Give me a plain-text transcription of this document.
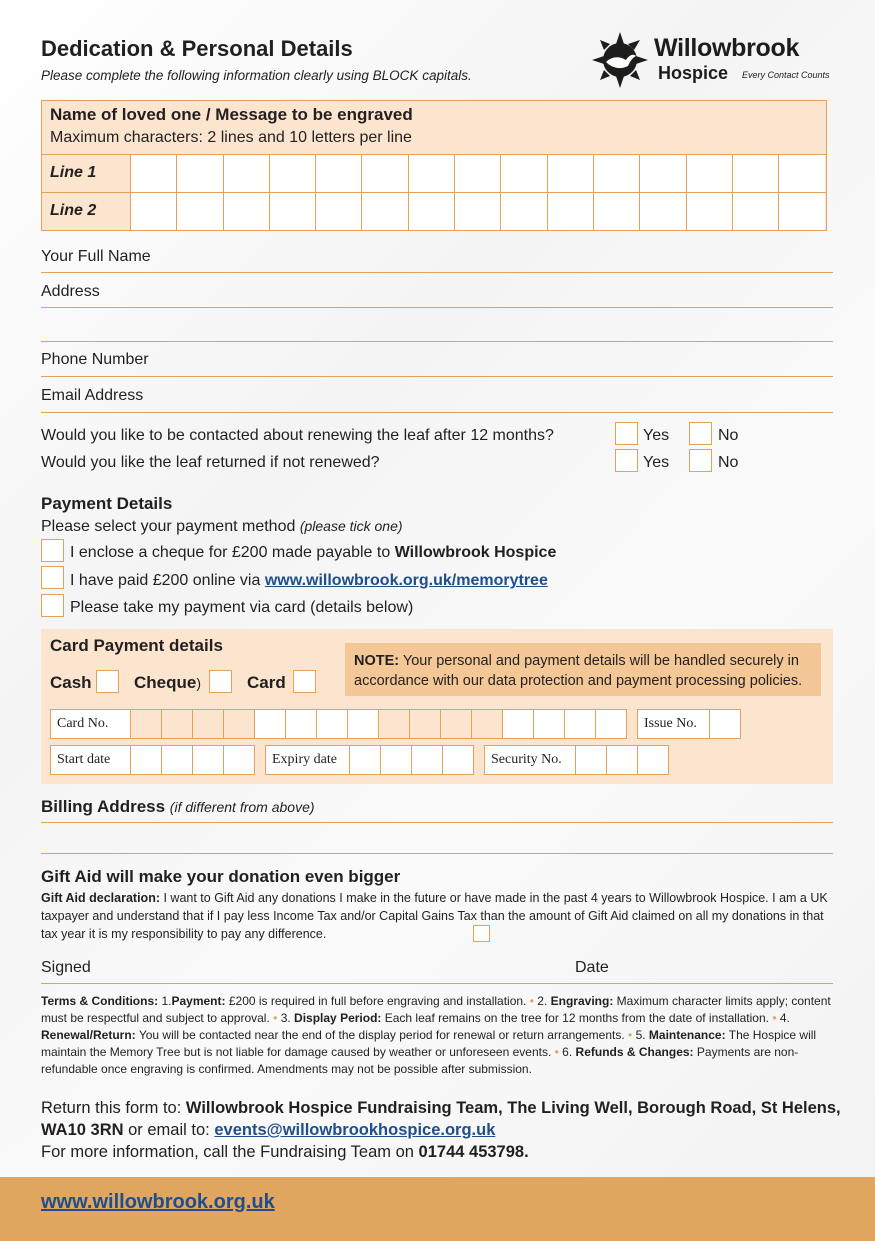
Dedication & Personal Details
Please complete the following information clearly using BLOCK capitals.
Willowbrook
Hospice Every Contact Counts
Name of loved one / Message to be engraved
Maximum characters: 2 lines and 10 letters per line
Line 1
Line 2
Your Full Name
Address
Phone Number
Email Address
Would you like to be contacted about renewing the leaf after 12 months?	Yes	No
Would you like the leaf returned if not renewed?	Yes	No
Payment Details
Please select your payment method (please tick one)
I enclose a cheque for £200 made payable to Willowbrook Hospice
I have paid £200 online via www.willowbrook.org.uk/memorytree
Please take my payment via card (details below)
Card Payment details
Cash Cheque)	Card
NOTE: Your personal and payment details will be handled securely in accordance with our data protection and payment processing policies.
Card No.	Issue No.
Start date	Expiry date	Security No.
Billing Address (if different from above)
Gift Aid will make your donation even bigger
Gift Aid declaration: I want to Gift Aid any donations I make in the future or have made in the past 4 years to Willowbrook Hospice. I am a UK taxpayer and understand that if I pay less Income Tax and/or Capital Gains Tax than the amount of Gift Aid claimed on all my donations in that tax year it is my responsibility to pay any difference.
Signed	Date
Terms & Conditions: 1.Payment: £200 is required in full before engraving and installation. • 2. Engraving: Maximum character limits apply; content must be respectful and subject to approval. • 3. Display Period: Each leaf remains on the tree for 12 months from the date of installation. • 4. Renewal/Return: You will be contacted near the end of the display period for renewal or return arrangements. • 5. Maintenance: The Hospice will maintain the Memory Tree but is not liable for damage caused by weather or unforeseen events. • 6. Refunds & Changes: Payments are non-refundable once engraving is confirmed. Amendments may not be possible after submission.
Return this form to: Willowbrook Hospice Fundraising Team, The Living Well, Borough Road, St Helens, WA10 3RN or email to: events@willowbrookhospice.org.uk
For more information, call the Fundraising Team on 01744 453798.
www.willowbrook.org.uk
